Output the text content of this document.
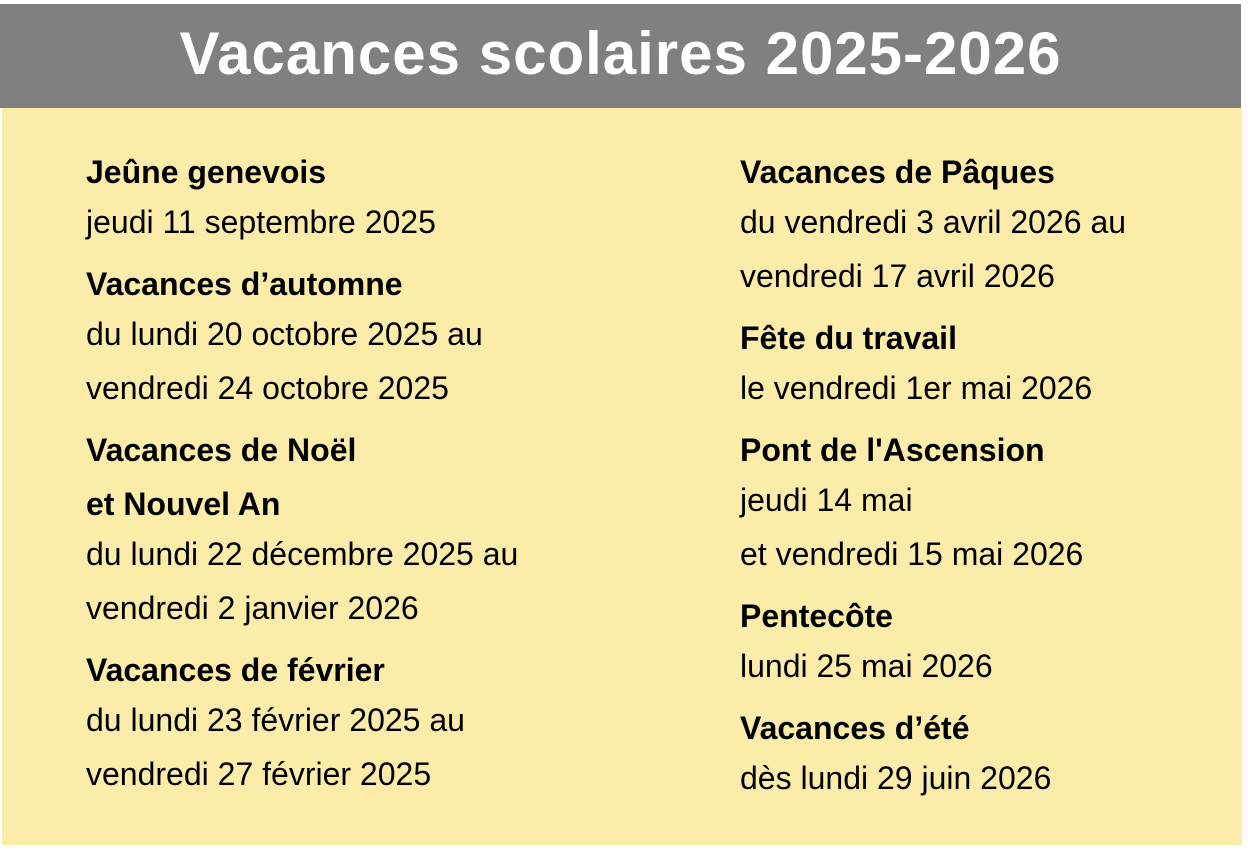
Vacances scolaires 2025-2026
Jeûne genevois
jeudi 11 septembre 2025
Vacances d’automne
du lundi 20 octobre 2025 au
vendredi 24 octobre 2025
Vacances de Noël
et Nouvel An
du lundi 22 décembre 2025 au
vendredi 2 janvier 2026
Vacances de février
du lundi 23 février 2025 au
vendredi 27 février 2025
Vacances de Pâques
du vendredi 3 avril 2026 au
vendredi 17 avril 2026
Fête du travail
le vendredi 1er mai 2026
Pont de l'Ascension
jeudi 14 mai
et vendredi 15 mai 2026
Pentecôte
lundi 25 mai 2026
Vacances d’été
dès lundi 29 juin 2026
